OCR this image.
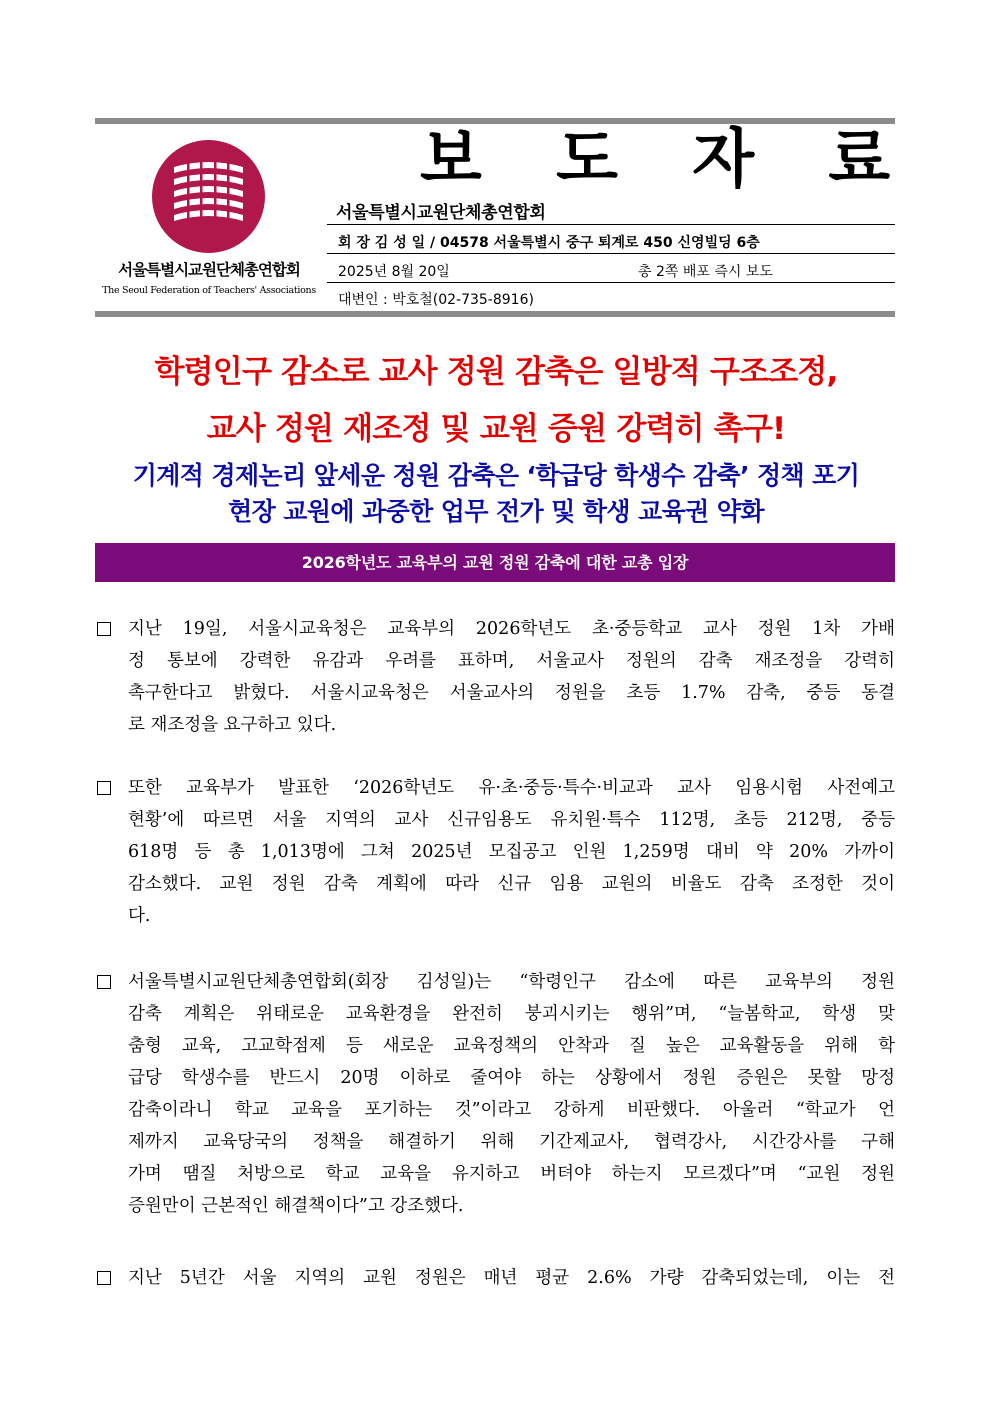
서울특별시교원단체총연합회
The Seoul Federation of Teachers' Associations
보 도 자 료
서울특별시교원단체총연합회
회 장 김 성 일 / 04578 서울특별시 중구 퇴계로 450 신영빌딩 6층
2025년 8월 20일	총 2쪽 배포 즉시 보도
대변인 : 박호철(02-735-8916)
학령인구 감소로 교사 정원 감축은 일방적 구조조정,
교사 정원 재조정 및 교원 증원 강력히 촉구!
기계적 경제논리 앞세운 정원 감축은 ‘학급당 학생수 감축’ 정책 포기
현장 교원에 과중한 업무 전가 및 학생 교육권 약화
2026학년도 교육부의 교원 정원 감축에 대한 교총 입장
지난 19일, 서울시교육청은 교육부의 2026학년도 초·중등학교 교사 정원 1차 가배
정 통보에 강력한 유감과 우려를 표하며, 서울교사 정원의 감축 재조정을 강력히
촉구한다고 밝혔다. 서울시교육청은 서울교사의 정원을 초등 1.7% 감축, 중등 동결
로 재조정을 요구하고 있다.
또한 교육부가 발표한 ‘2026학년도 유·초·중등·특수·비교과 교사 임용시험 사전예고
현황’에 따르면 서울 지역의 교사 신규임용도 유치원·특수 112명, 초등 212명, 중등
618명 등 총 1,013명에 그쳐 2025년 모집공고 인원 1,259명 대비 약 20% 가까이
감소했다. 교원 정원 감축 계획에 따라 신규 임용 교원의 비율도 감축 조정한 것이
다.
서울특별시교원단체총연합회(회장 김성일)는 “학령인구 감소에 따른 교육부의 정원
감축 계획은 위태로운 교육환경을 완전히 붕괴시키는 행위”며, “늘봄학교, 학생 맞
춤형 교육, 고교학점제 등 새로운 교육정책의 안착과 질 높은 교육활동을 위해 학
급당 학생수를 반드시 20명 이하로 줄여야 하는 상황에서 정원 증원은 못할 망정
감축이라니 학교 교육을 포기하는 것”이라고 강하게 비판했다. 아울러 “학교가 언
제까지 교육당국의 정책을 해결하기 위해 기간제교사, 협력강사, 시간강사를 구해
가며 땜질 처방으로 학교 교육을 유지하고 버텨야 하는지 모르겠다”며 “교원 정원
증원만이 근본적인 해결책이다”고 강조했다.
지난 5년간 서울 지역의 교원 정원은 매년 평균 2.6% 가량 감축되었는데, 이는 전
